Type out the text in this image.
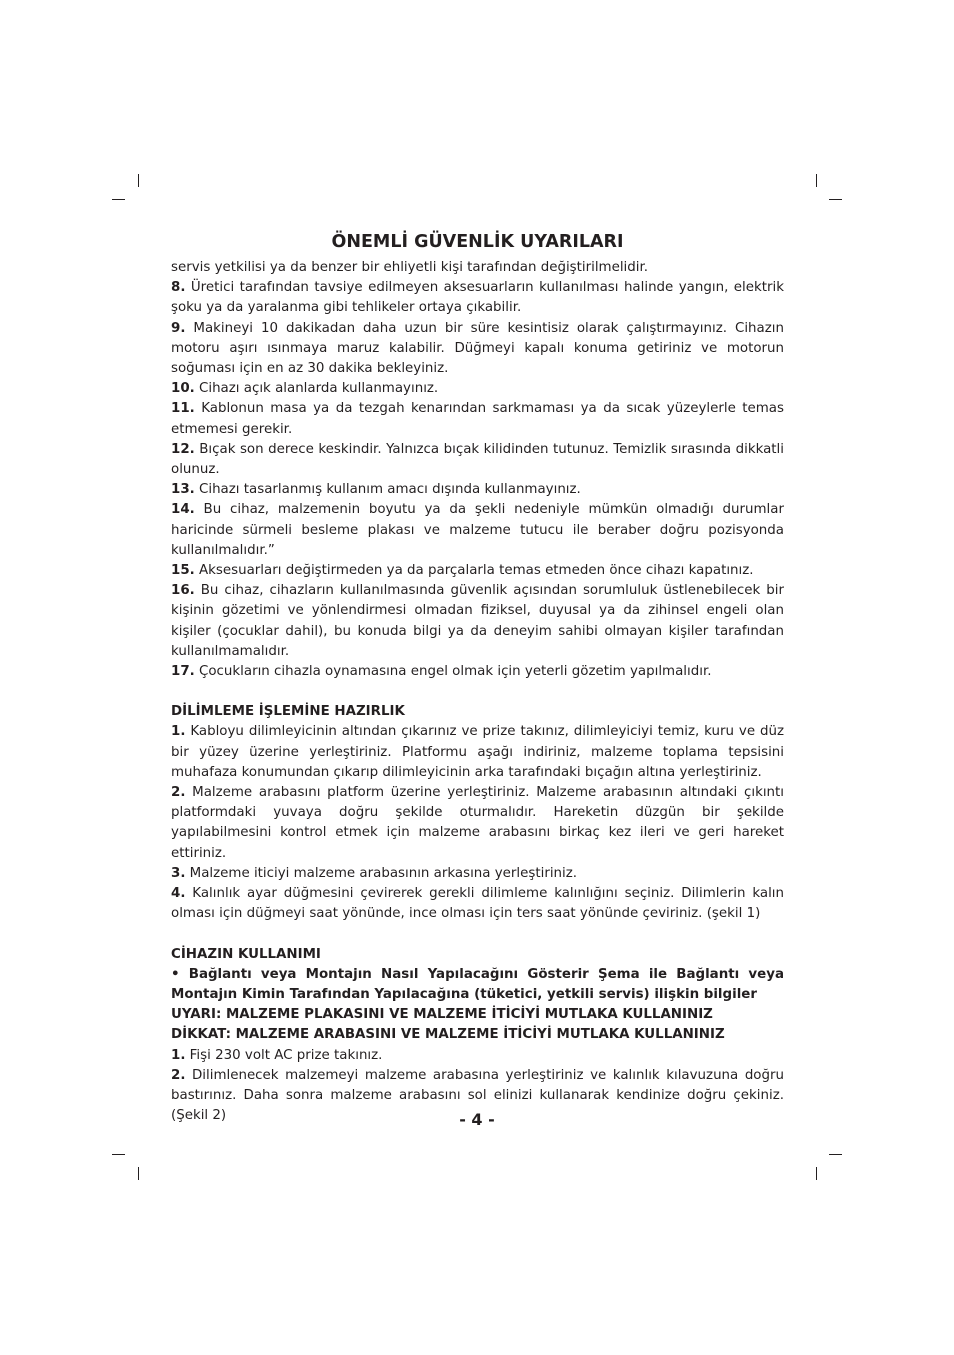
ÖNEMLİ GÜVENLİK UYARILARI

servis yetkilisi ya da benzer bir ehliyetli kişi tarafından değiştirilmelidir.

8. Üretici tarafından tavsiye edilmeyen aksesuarların kullanılması halinde yangın, elektrik şoku ya da yaralanma gibi tehlikeler ortaya çıkabilir.

9. Makineyi 10 dakikadan daha uzun bir süre kesintisiz olarak çalıştırmayınız. Cihazın motoru aşırı ısınmaya maruz kalabilir. Düğmeyi kapalı konuma getiriniz ve motorun soğuması için en az 30 dakika bekleyiniz.

10. Cihazı açık alanlarda kullanmayınız.

11. Kablonun masa ya da tezgah kenarından sarkmaması ya da sıcak yüzeylerle temas etmemesi gerekir.

12. Bıçak son derece keskindir. Yalnızca bıçak kilidinden tutunuz. Temizlik sırasında dikkatli olunuz.

13. Cihazı tasarlanmış kullanım amacı dışında kullanmayınız.

14. Bu cihaz, malzemenin boyutu ya da şekli nedeniyle mümkün olmadığı durumlar haricinde sürmeli besleme plakası ve malzeme tutucu ile beraber doğru pozisyonda kullanılmalıdır.”

15. Aksesuarları değiştirmeden ya da parçalarla temas etmeden önce cihazı kapatınız.

16. Bu cihaz, cihazların kullanılmasında güvenlik açısından sorumluluk üstlenebilecek bir kişinin gözetimi ve yönlendirmesi olmadan fiziksel, duyusal ya da zihinsel engeli olan kişiler (çocuklar dahil), bu konuda bilgi ya da deneyim sahibi olmayan kişiler tarafından kullanılmamalıdır.

17. Çocukların cihazla oynamasına engel olmak için yeterli gözetim yapılmalıdır.

DİLİMLEME İŞLEMİNE HAZIRLIK

1. Kabloyu dilimleyicinin altından çıkarınız ve prize takınız, dilimleyiciyi temiz, kuru ve düz bir yüzey üzerine yerleştiriniz. Platformu aşağı indiriniz, malzeme toplama tepsisini muhafaza konumundan çıkarıp dilimleyicinin arka tarafındaki bıçağın altına yerleştiriniz.

2. Malzeme arabasını platform üzerine yerleştiriniz. Malzeme arabasının altındaki çıkıntı platformdaki yuvaya doğru şekilde oturmalıdır. Hareketin düzgün bir şekilde yapılabilmesini kontrol etmek için malzeme arabasını birkaç kez ileri ve geri hareket ettiriniz.

3. Malzeme iticiyi malzeme arabasının arkasına yerleştiriniz.

4. Kalınlık ayar düğmesini çevirerek gerekli dilimleme kalınlığını seçiniz. Dilimlerin kalın olması için düğmeyi saat yönünde, ince olması için ters saat yönünde çeviriniz. (şekil 1)

CİHAZIN KULLANIMI

• Bağlantı veya Montajın Nasıl Yapılacağını Gösterir Şema ile Bağlantı veya Montajın Kimin Tarafından Yapılacağına (tüketici, yetkili servis) ilişkin bilgiler

UYARI: MALZEME PLAKASINI VE MALZEME İTİCİYİ MUTLAKA KULLANINIZ

DİKKAT: MALZEME ARABASINI VE MALZEME İTİCİYİ MUTLAKA KULLANINIZ

1. Fişi 230 volt AC prize takınız.

2. Dilimlenecek malzemeyi malzeme arabasına yerleştiriniz ve kalınlık kılavuzuna doğru bastırınız. Daha sonra malzeme arabasını sol elinizi kullanarak kendinize doğru çekiniz. (Şekil 2)	- 4 -
